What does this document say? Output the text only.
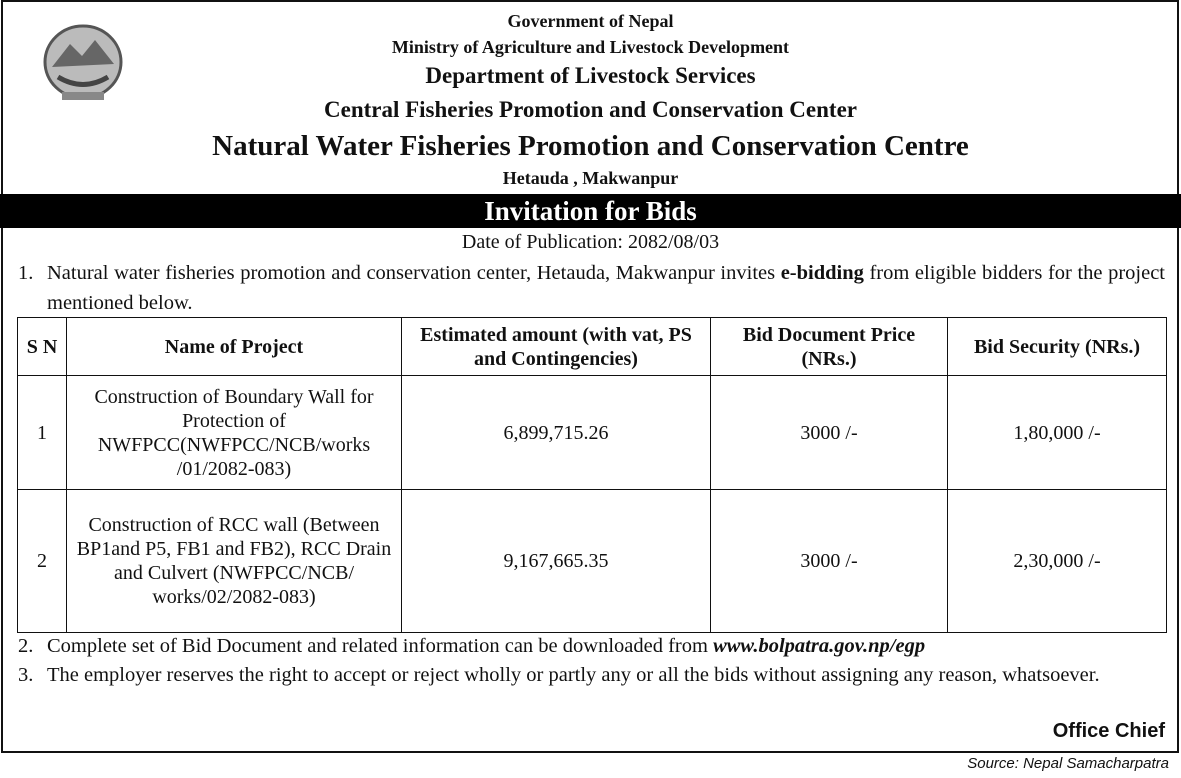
Government of Nepal
Ministry of Agriculture and Livestock Development
Department of Livestock Services
Central Fisheries Promotion and Conservation Center
Natural Water Fisheries Promotion and Conservation Centre
Hetauda , Makwanpur
Invitation for Bids
Date of Publication: 2082/08/03
1. Natural water fisheries promotion and conservation center, Hetauda, Makwanpur invites e-bidding from eligible bidders for the project mentioned below.
S N	Name of Project	Estimated amount (with vat, PS and Contingencies)	Bid Document Price (NRs.)	Bid Security (NRs.)
1	Construction of Boundary Wall for Protection of NWFPCC(NWFPCC/NCB/works /01/2082-083)	6,899,715.26	3000 /-	1,80,000 /-
2	Construction of RCC wall (Between BP1and P5, FB1 and FB2), RCC Drain and Culvert (NWFPCC/NCB/ works/02/2082-083)	9,167,665.35	3000 /-	2,30,000 /-
2. Complete set of Bid Document and related information can be downloaded from www.bolpatra.gov.np/egp
3. The employer reserves the right to accept or reject wholly or partly any or all the bids without assigning any reason, whatsoever.
Office Chief
Source: Nepal Samacharpatra
